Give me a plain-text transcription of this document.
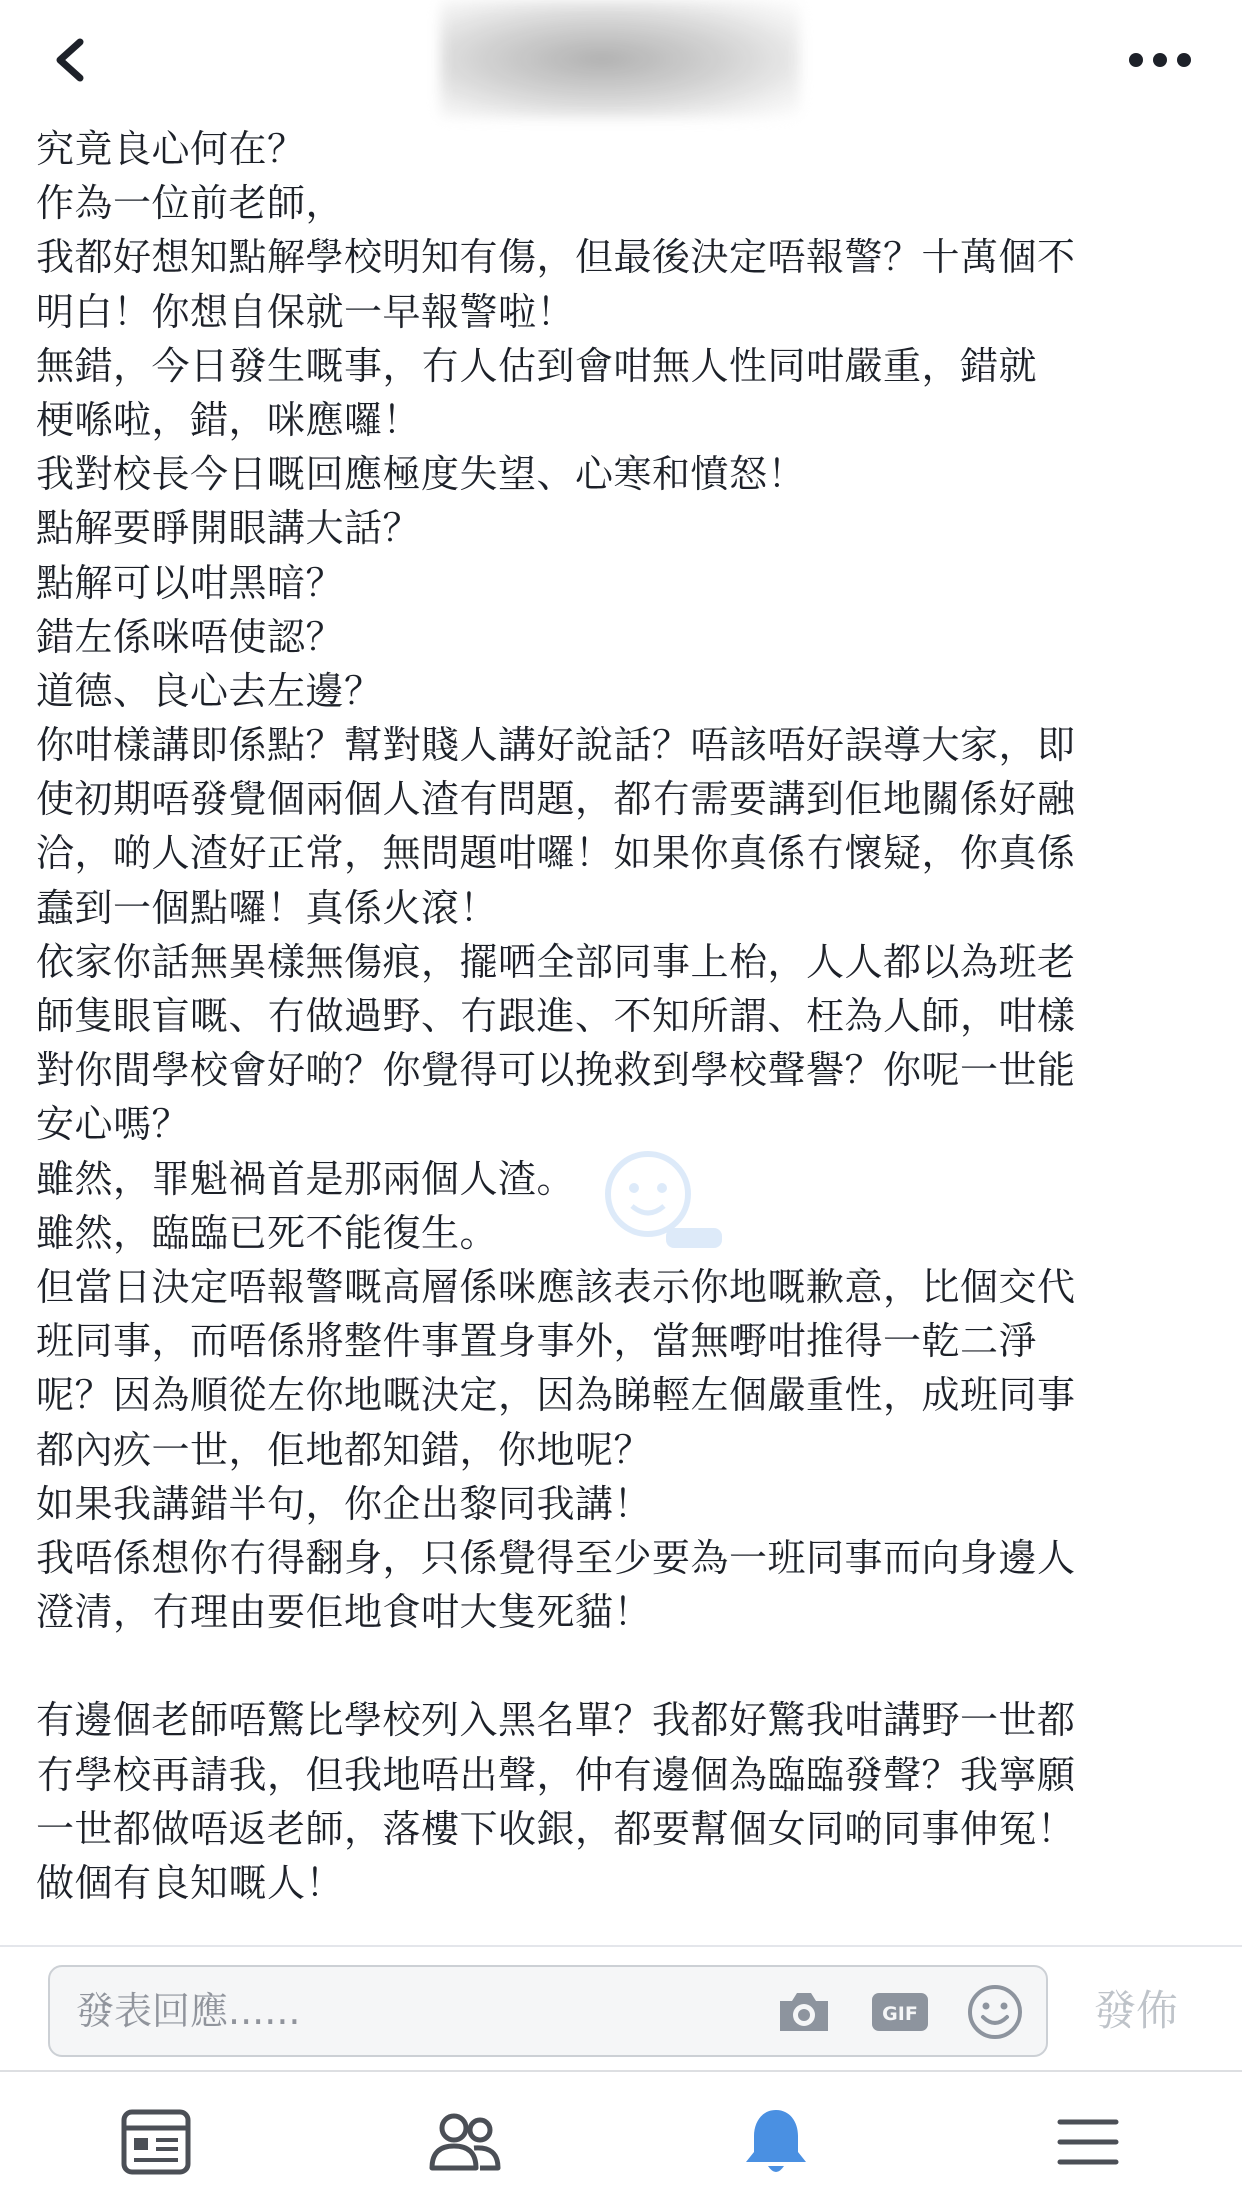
究竟良心何在？

作為一位前老師，

我都好想知點解學校明知有傷，但最後決定唔報警？十萬個不

明白！你想自保就一早報警啦！

無錯，今日發生嘅事，冇人估到會咁無人性同咁嚴重，錯就

梗喺啦，錯，咪應囉！

我對校長今日嘅回應極度失望、心寒和憤怒！

點解要睜開眼講大話？

點解可以咁黑暗？

錯左係咪唔使認？

道德、良心去左邊？

你咁樣講即係點？幫對賤人講好說話？唔該唔好誤導大家，即

使初期唔發覺個兩個人渣有問題，都冇需要講到佢地關係好融

洽，啲人渣好正常，無問題咁囉！如果你真係冇懷疑，你真係

蠢到一個點囉！真係火滾！

依家你話無異樣無傷痕，擺哂全部同事上枱，人人都以為班老

師隻眼盲嘅、冇做過野、冇跟進、不知所謂、枉為人師，咁樣

對你間學校會好啲？你覺得可以挽救到學校聲譽？你呢一世能

安心嗎？

雖然，罪魁禍首是那兩個人渣。

雖然，臨臨已死不能復生。

但當日決定唔報警嘅高層係咪應該表示你地嘅歉意，比個交代

班同事，而唔係將整件事置身事外，當無嘢咁推得一乾二淨

呢？因為順從左你地嘅決定，因為睇輕左個嚴重性，成班同事

都內疚一世，佢地都知錯，你地呢？

如果我講錯半句，你企出黎同我講！

我唔係想你冇得翻身，只係覺得至少要為一班同事而向身邊人

澄清，冇理由要佢地食咁大隻死貓！

有邊個老師唔驚比學校列入黑名單？我都好驚我咁講野一世都

冇學校再請我，但我地唔出聲，仲有邊個為臨臨發聲？我寧願

一世都做唔返老師，落樓下收銀，都要幫個女同啲同事伸冤！

做個有良知嘅人！

發表回應......	GIF	發佈
